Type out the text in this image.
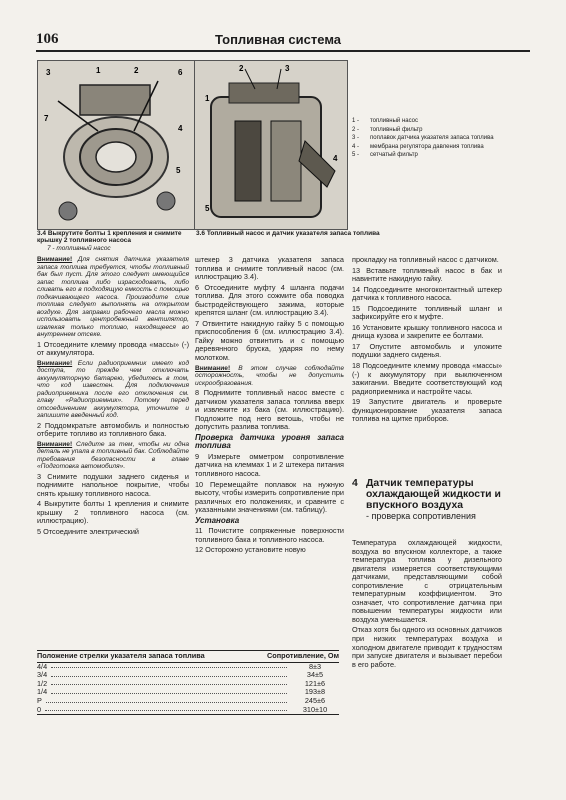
106	Топливная система
3	1	2	6
7
4
5
1
2	3
4
5
1 - топливный насос
2 - топливный фильтр
3 - поплавок датчика указателя запаса топлива
4 - мембрана регулятора давления топлива
5 - сетчатый фильтр
3.4 Выкрутите болты 1 крепления и снимите крышку 2 топливного насоса
7 - топливный насос
3.6 Топливный насос и датчик указателя запаса топлива

Внимание! Для снятия датчика указателя запаса топлива требуется, чтобы топливный бак был пуст. Для этого следует имеющийся запас топлива либо израсходовать, либо сливать его в подходящую емкость с помощью подкачивающего насоса. Производите слив топлива следует выполнять на открытом воздухе. Для заправки рабочего масла можно использовать центробежный вентилятор, извлекая только топливо, находящееся во внутреннем отсеке.

1 Отсоедините клемму провода «массы» (-) от аккумулятора.

Внимание! Если радиоприемник имеет код доступа, то прежде чем отключать аккумуляторную батарею, убедитесь в том, что код известен. Для подключения радиоприемника после его отключения см. главу «Радиоприемник». Потому перед отсоединением аккумулятора, уточните и запишите введенный код.

2 Поддомкратьте автомобиль и полностью отберите топливо из топливного бака.

Внимание! Следите за тем, чтобы ни одна деталь не упала в топливный бак. Соблюдайте требования безопасности в главе «Подготовка автомобиля».

3 Снимите подушки заднего сиденья и поднимите напольное покрытие, чтобы снять крышку топливного насоса.

4 Выкрутите болты 1 крепления и снимите крышку 2 топливного насоса (см. иллюстрацию).

5 Отсоедините электрический

штекер 3 датчика указателя запаса топлива и снимите топливный насос (см. иллюстрацию 3.4).

6 Отсоедините муфту 4 шланга подачи топлива. Для этого сожмите оба поводка быстродействующего зажима, которые крепятся шланг (см. иллюстрацию 3.4).

7 Отвинтите накидную гайку 5 с помощью приспособления 6 (см. иллюстрацию 3.4). Гайку можно отвинтить и с помощью деревянного бруска, ударяя по нему молотком.

Внимание! В этом случае соблюдайте осторожность, чтобы не допустить искрообразования.

8 Поднимите топливный насос вместе с датчиком указателя запаса топлива вверх и извлеките из бака (см. иллюстрацию). Подложите под него ветошь, чтобы не допустить разлива топлива.

Проверка датчика уровня запаса топлива

9 Измерьте омметром сопротивление датчика на клеммах 1 и 2 штекера питания топливного насоса.

10 Перемещайте поплавок на нужную высоту, чтобы измерить сопротивление при различных его положениях, и сравните с указанными значениями (см. таблицу).

Установка

11 Почистите сопряженные поверхности топливного бака и топливного насоса.

12 Осторожно установите новую

прокладку на топливный насос с датчиком.

13 Вставьте топливный насос в бак и навинтите накидную гайку.

14 Подсоедините многоконтактный штекер датчика к топливного насоса.

15 Подсоедините топливный шланг и зафиксируйте его к муфте.

16 Установите крышку топливного насоса и днища кузова и закрепите ее болтами.

17 Опустите автомобиль и уложите подушки заднего сиденья.

18 Подсоедините клемму провода «массы» (-) к аккумулятору при выключенном зажигании. Введите соответствующий код радиоприемника и настройте часы.

19 Запустите двигатель и проверьте функционирование указателя запаса топлива на щитке приборов.

4 Датчик температуры охлаждающей жидкости и впускного воздуха
- проверка сопротивления

Температура охлаждающей жидкости, воздуха во впускном коллекторе, а также температура топлива у дизельного двигателя измеряется соответствующими датчиками, представляющими собой сопротивление с отрицательным температурным коэффициентом. Это означает, что сопротивление датчика при повышении температуры жидкости или воздуха уменьшается.

Отказ хотя бы одного из основных датчиков при низких температурах воздуха и холодном двигателе приводит к трудностям при запуске двигателя и вызывает перебои в его работе.

Положение стрелки указателя запаса топлива	Сопротивление, Ом
4/4	8±3
3/4	34±5
1/2	121±6
1/4	193±8
Р	245±6
0	310±10
